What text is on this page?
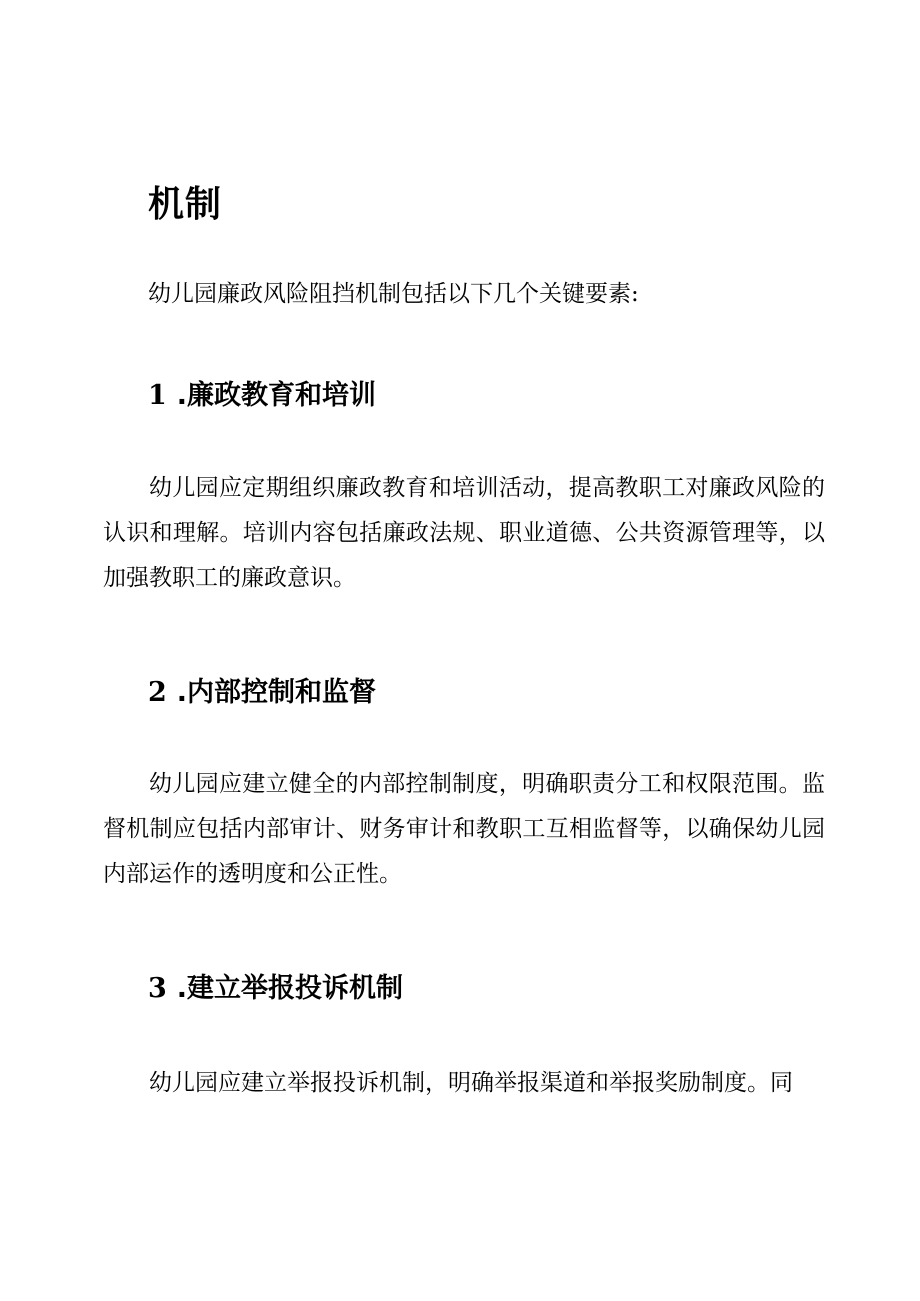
机制

幼儿园廉政风险阻挡机制包括以下几个关键要素:

1 .廉政教育和培训

幼儿园应定期组织廉政教育和培训活动，提高教职工对廉政风险的认识和理解。培训内容包括廉政法规、职业道德、公共资源管理等，以加强教职工的廉政意识。

2 .内部控制和监督

幼儿园应建立健全的内部控制制度，明确职责分工和权限范围。监督机制应包括内部审计、财务审计和教职工互相监督等，以确保幼儿园内部运作的透明度和公正性。

3 .建立举报投诉机制

幼儿园应建立举报投诉机制，明确举报渠道和举报奖励制度。同
